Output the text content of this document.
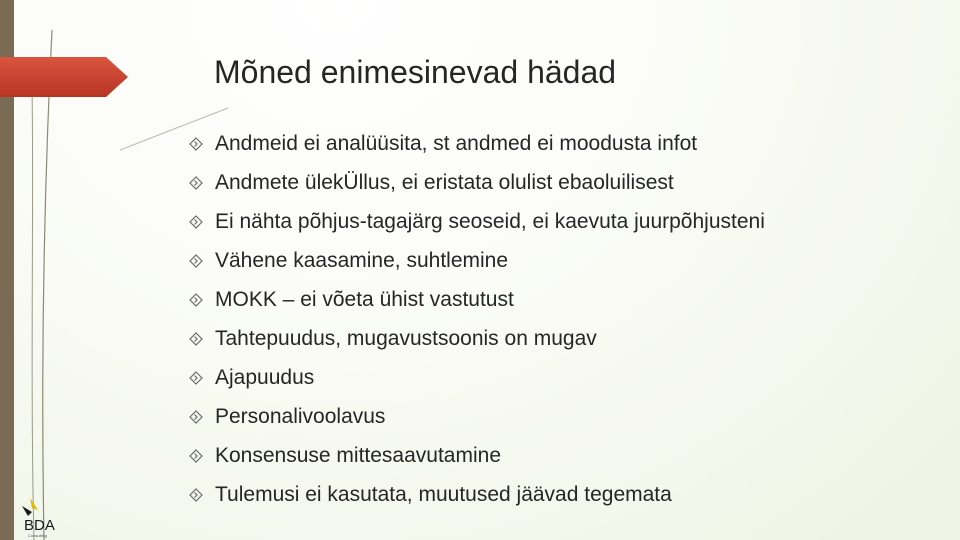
Mõned enimesinevad hädad
Andmeid ei analüüsita, st andmed ei moodusta infot
Andmete ülekÜllus, ei eristata olulist ebaoluilisest
Ei nähta põhjus-tagajärg seoseid, ei kaevuta juurpõhjusteni
Vähene kaasamine, suhtlemine
MOKK – ei võeta ühist vastutust
Tahtepuudus, mugavustsoonis on mugav
Ajapuudus
Personalivoolavus
Konsensuse mittesaavutamine
Tulemusi ei kasutata, muutused jäävad tegemata
BDA
Consulting
